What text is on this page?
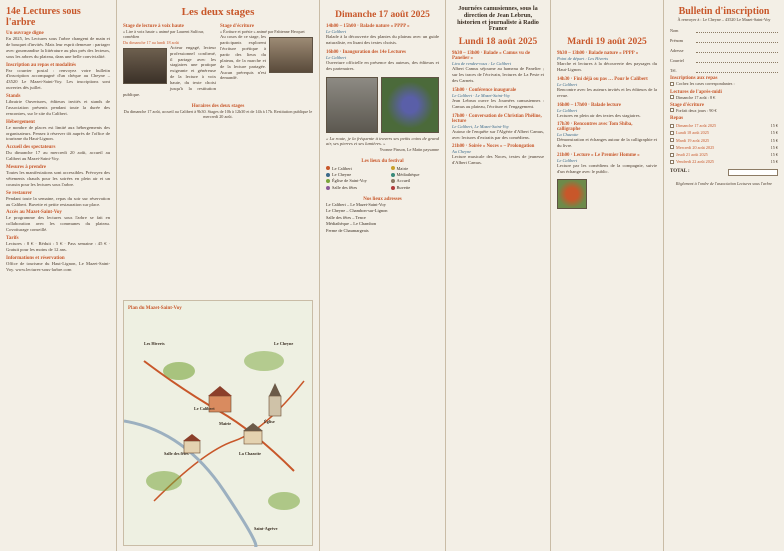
14e Lectures sous l'arbre
Un ouvrage digne
En 2025, les Lectures sous l'arbre changent de main et de bouquet d'invités. Mais leur esprit demeure : partager avec gourmandise la littérature au plus près des lecteurs, sous les arbres du plateau, dans une belle convivialité.
Inscription au repas et modalités
Par courrier postal : renvoyez votre bulletin d'inscription accompagné d'un chèque au Cheyne – 43520 Le Mazet-Saint-Voy. Les inscriptions sont ouvertes dès juillet.
Stands
Librairie Ouvertures, éditeurs invités et stands de l'association présents pendant toute la durée des rencontres, sur le site du Calibert.
Hébergement
Le nombre de places est limité aux hébergements des organisateurs. Pensez à réserver tôt auprès de l'office de tourisme du Haut-Lignon.
Accueil des spectateurs
Du dimanche 17 au mercredi 20 août, accueil au Calibert au Mazet-Saint-Voy.
Mesures à prendre
Toutes les manifestations sont accessibles. Prévoyez des vêtements chauds pour les soirées en plein air et un coussin pour les lectures sous l'arbre.
Se restaurer
Pendant toute la semaine, repas du soir sur réservation au Calibert. Buvette et petite restauration sur place.
Accès au Mazet-Saint-Voy
Le programme des lectures sous l'arbre se fait en collaboration avec les communes du plateau. Covoiturage conseillé.
Tarifs
Lectures : 8 € · Réduit : 5 € · Pass semaine : 45 € · Gratuit pour les moins de 12 ans.
Informations et réservation
Office de tourisme du Haut-Lignon, Le Mazet-Saint-Voy. www.lectures-sous-larbre.com
Les deux stages
Stage de lecture à voix haute
« Lire à voix haute » animé par Laurent Sulfour, comédien
Du dimanche 17 au lundi 18 août
Acteur engagé, lecteur professionnel confirmé, il partage avec les stagiaires une pratique exigeante et généreuse de la lecture à voix haute, du texte choisi jusqu'à la restitution publique.
Stage d'écriture
« Écriture et poésie » animé par Fabienne Hecquet
Au cours de ce stage, les participants explorent l'écriture poétique à partir des lieux du plateau, de la marche et de la lecture partagée. Aucun prérequis n'est demandé.
Horaires des deux stages
Du dimanche 17 août, accueil au Calibert à 9h30. Stages de 10h à 12h30 et de 14h à 17h. Restitution publique le mercredi 20 août.
Plan du Mazet-Saint-Voy
Le Calibert
La Chazotte
Le Cheyne
Église
Salle des fêtes
Mairie
Les Hiverts
Saint-Agrève
Dimanche 17 août 2025
14h00 – 15h00 · Balade nature « PPPP »
Le Calibert
Balade à la découverte des plantes du plateau avec un guide naturaliste, en lisant des textes choisis.
16h00 · Inauguration des 14e Lectures
Le Calibert
Ouverture officielle en présence des auteurs, des éditeurs et des partenaires.
« La route, je la fréquente à travers ses petits coins de grand air, ses pierres et ses lumières. »
Yvonne Pinson, Le Matin paysanne
Les lieux du festival
Le Calibert
Le Cheyne
Église de Saint-Voy
Salle des fêtes
Mairie
Médiathèque
Accueil
Buvette
Nos lieux adresses
Le Calibert – Le Mazet-Saint-Voy
Le Cheyne – Chambon-sur-Lignon
Salle des fêtes – Tence
Médiathèque – Le Chambon
Ferme de Chaumargeais
Journées camusiennes, sous la direction de Jean Lebrun, historien et journaliste à Radio France
Lundi 18 août 2025
9h30 – 13h00 · Balade « Camus vu de Panelier »
Lieu de rendez-vous : Le Calibert
Albert Camus séjourne au hameau de Panelier ; sur les traces de l'écrivain, lectures de La Peste et des Carnets.
15h00 · Conférence inaugurale
Le Calibert · Le Mazet-Saint-Voy
Jean Lebrun ouvre les Journées camusiennes : Camus au plateau, l'écriture et l'engagement.
17h00 · Conversation de Christian Phéline, lecture
Le Calibert, Le Mazet-Saint-Voy
Autour de l'enquête sur l'Algérie d'Albert Camus, avec lectures d'extraits par des comédiens.
21h00 · Soirée « Noces » – Prolongation
Au Cheyne
Lecture musicale des Noces, textes de jeunesse d'Albert Camus.
Mardi 19 août 2025
9h30 – 13h00 · Balade nature « PPPP »
Point de départ : Les Hiverts
Marche et lectures à la découverte des paysages du Haut-Lignon.
14h30 · Fini déjà ou pas … Pour le Calibert
Le Calibert
Rencontre avec les auteurs invités et les éditeurs de la revue.
16h00 – 17h00 · Balade lecture
Le Calibert
Lectures en plein air des textes des stagiaires.
17h30 · Rencontres avec Tom Shiba, calligraphe
La Chazotte
Démonstration et échanges autour de la calligraphie et du livre.
21h00 · Lecture « Le Premier Homme »
Le Calibert
Lecture par les comédiens de la compagnie, suivie d'un échange avec le public.
Bulletin d'inscription
À renvoyer à : Le Cheyne – 43520 Le Mazet-Saint-Voy
Nom
Prénom
Adresse
Courriel
Tél.
Inscriptions aux repas
Cochez les cases correspondantes :
Lectures de l'après-midi
Dimanche 17 août : 8 €
Stage d'écriture
Forfait deux jours : 90 €
Repas
Dimanche 17 août 2025	15 €
Lundi 18 août 2025	15 €
Mardi 19 août 2025	15 €
Mercredi 20 août 2025	15 €
Jeudi 21 août 2025	15 €
Vendredi 22 août 2025	15 €
TOTAL :
Règlement à l'ordre de l'association Lectures sous l'arbre
